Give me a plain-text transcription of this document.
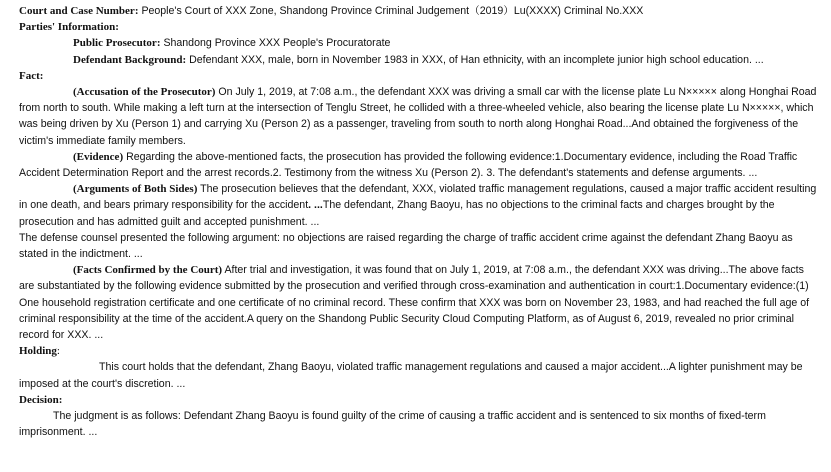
Court and Case Number: People's Court of XXX Zone, Shandong Province Criminal Judgement（2019）Lu(XXXX) Criminal No.XXX

Parties' Information:

Public Prosecutor: Shandong Province XXX People's Procuratorate

Defendant Background: Defendant XXX, male, born in November 1983 in XXX, of Han ethnicity, with an incomplete junior high school education. ...

Fact:

(Accusation of the Prosecutor) On July 1, 2019, at 7:08 a.m., the defendant XXX was driving a small car with the license plate Lu N××××× along Honghai Road from north to south. While making a left turn at the intersection of Tenglu Street, he collided with a three-wheeled vehicle, also bearing the license plate Lu N×××××, which was being driven by Xu (Person 1) and carrying Xu (Person 2) as a passenger, traveling from south to north along Honghai Road...And obtained the forgiveness of the victim's immediate family members.

(Evidence) Regarding the above-mentioned facts, the prosecution has provided the following evidence:1.Documentary evidence, including the Road Traffic Accident Determination Report and the arrest records.2. Testimony from the witness Xu (Person 2). 3. The defendant's statements and defense arguments. ...

(Arguments of Both Sides) The prosecution believes that the defendant, XXX, violated traffic management regulations, caused a major traffic accident resulting in one death, and bears primary responsibility for the accident. ...The defendant, Zhang Baoyu, has no objections to the criminal facts and charges brought by the prosecution and has admitted guilt and accepted punishment. ...

The defense counsel presented the following argument: no objections are raised regarding the charge of traffic accident crime against the defendant Zhang Baoyu as stated in the indictment. ...

(Facts Confirmed by the Court) After trial and investigation, it was found that on July 1, 2019, at 7:08 a.m., the defendant XXX was driving...The above facts are substantiated by the following evidence submitted by the prosecution and verified through cross-examination and authentication in court:1.Documentary evidence:(1) One household registration certificate and one certificate of no criminal record. These confirm that XXX was born on November 23, 1983, and had reached the full age of criminal responsibility at the time of the accident.A query on the Shandong Public Security Cloud Computing Platform, as of August 6, 2019, revealed no prior criminal record for XXX. ...

Holding:

This court holds that the defendant, Zhang Baoyu, violated traffic management regulations and caused a major accident...A lighter punishment may be imposed at the court's discretion. ...

Decision:

The judgment is as follows: Defendant Zhang Baoyu is found guilty of the crime of causing a traffic accident and is sentenced to six months of fixed-term imprisonment. ...
